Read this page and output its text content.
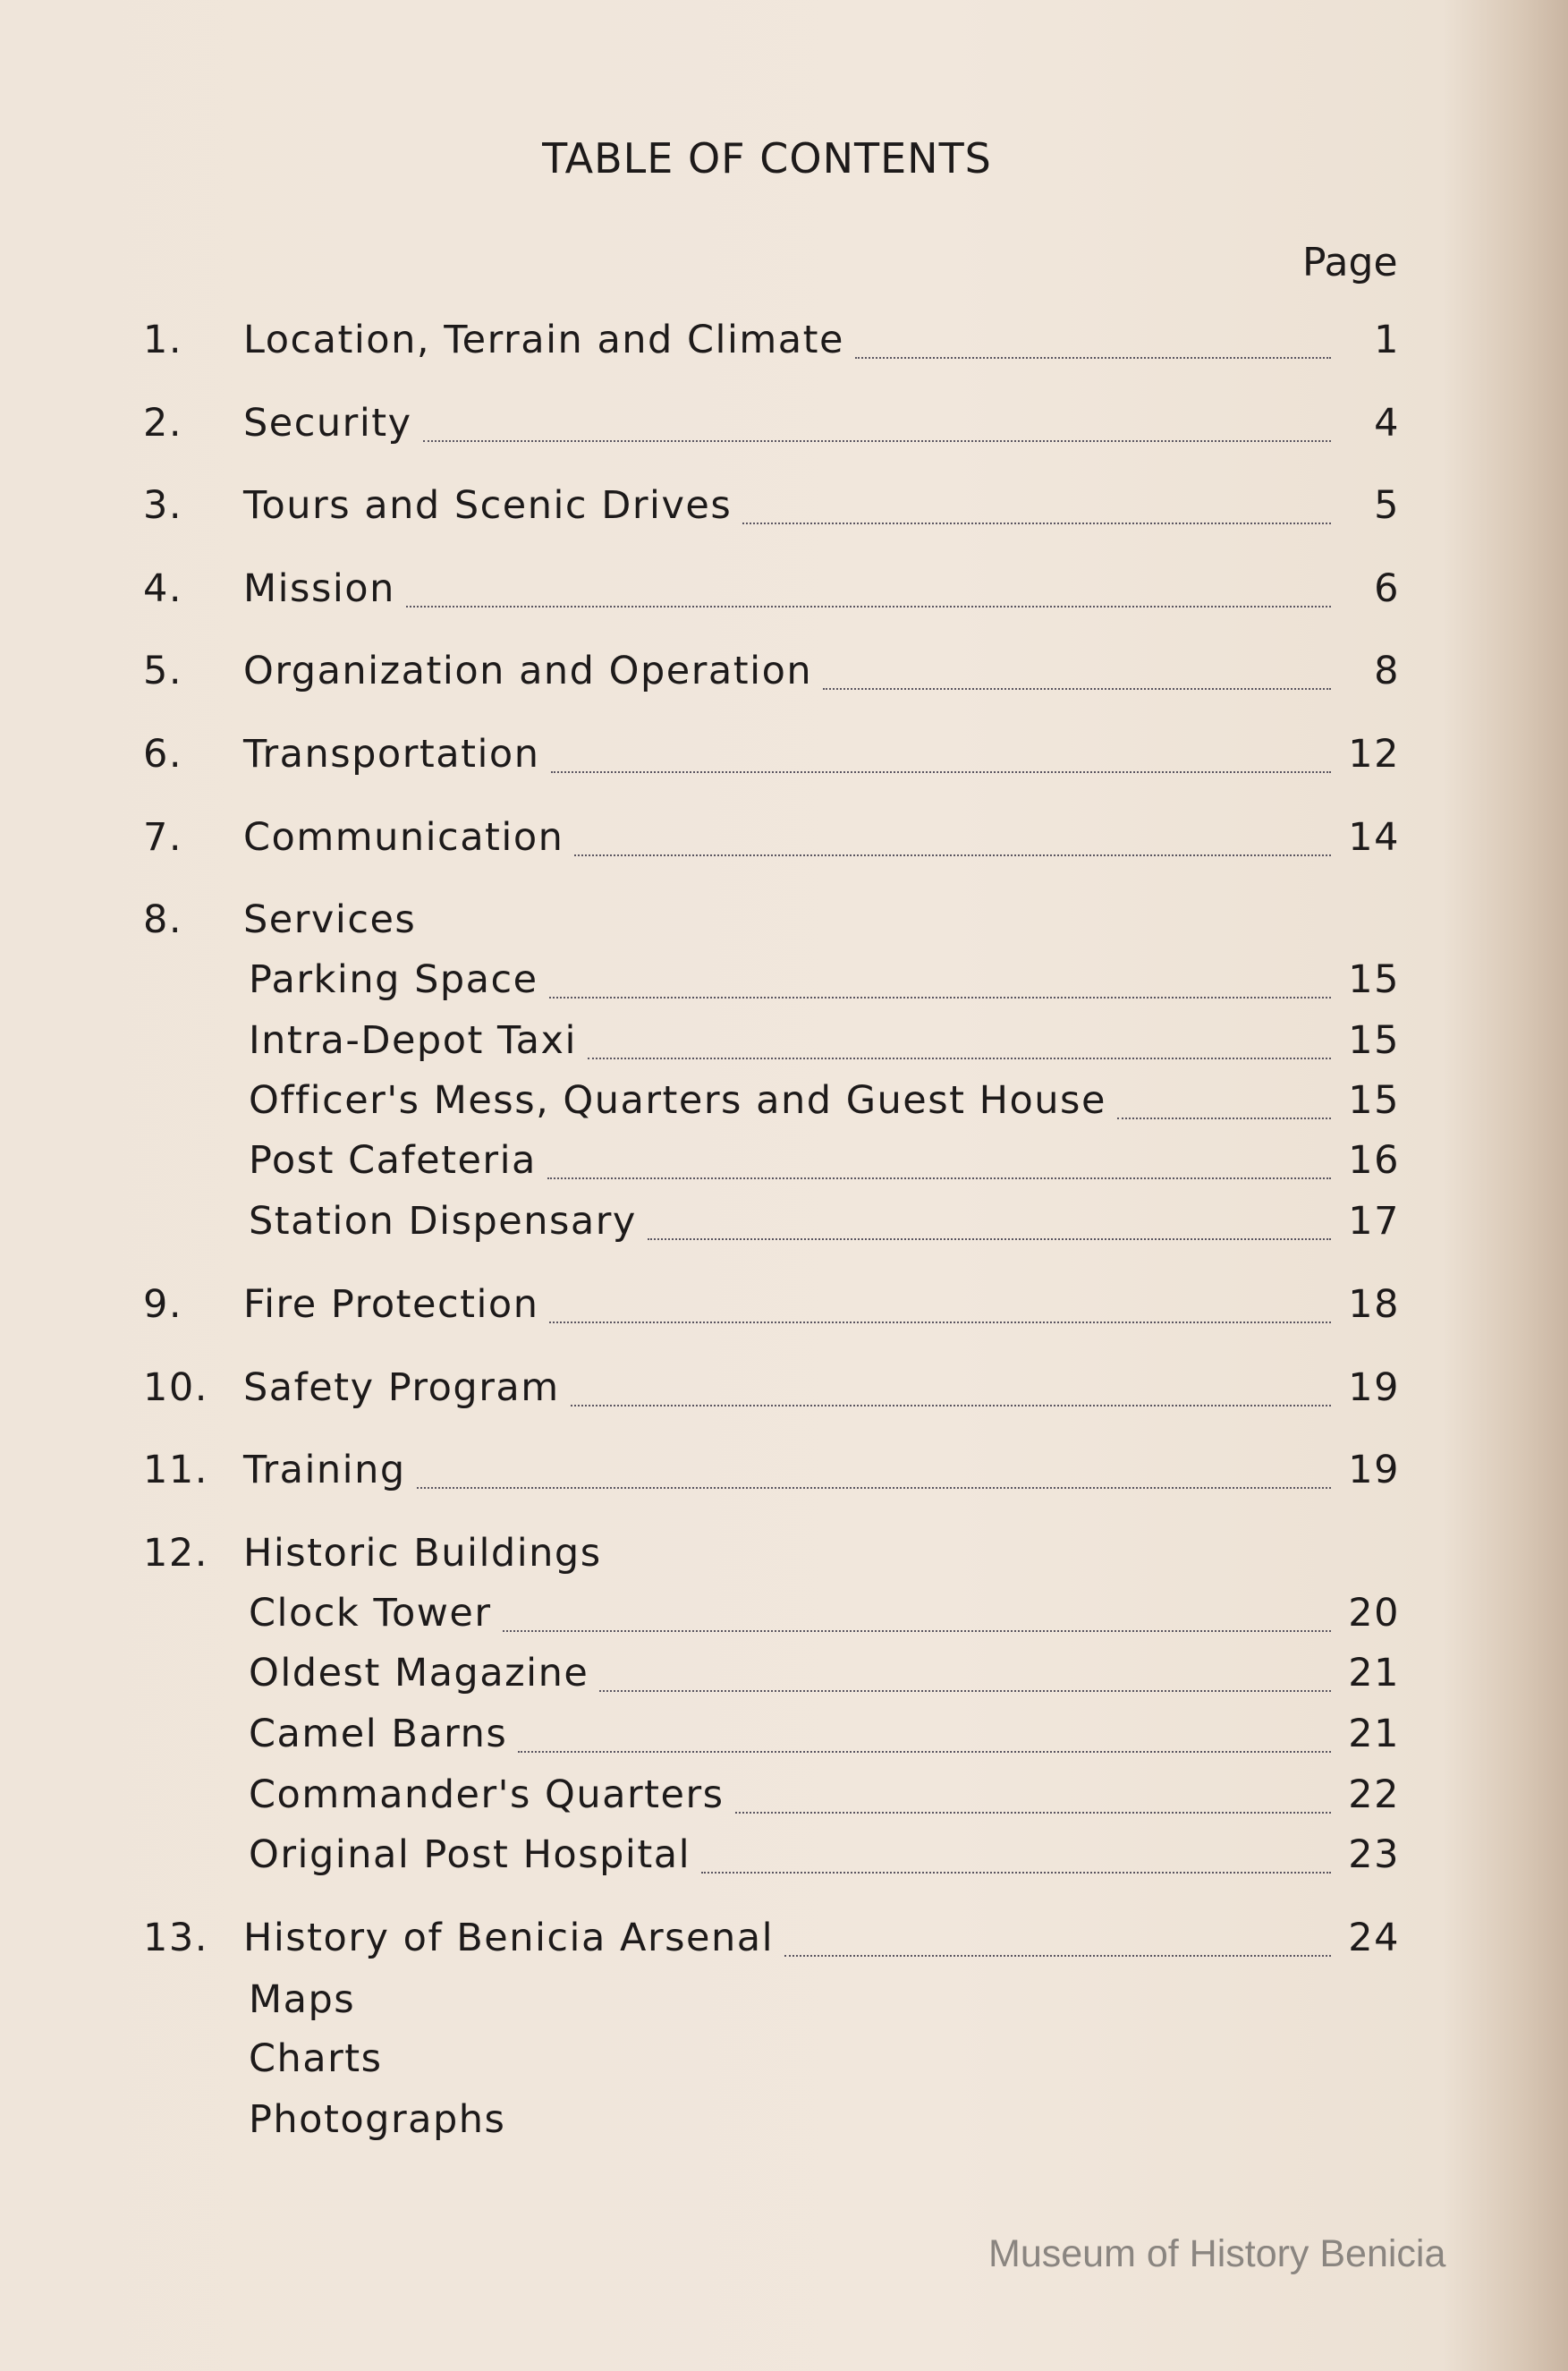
TABLE OF CONTENTS
Page
1.	Location, Terrain and Climate	1
2.	Security	4
3.	Tours and Scenic Drives	5
4.	Mission	6
5.	Organization and Operation	8
6.	Transportation	12
7.	Communication	14
8.	Services
Parking Space	15
Intra-Depot Taxi	15
Officer's Mess, Quarters and Guest House	15
Post Cafeteria	16
Station Dispensary	17
9.	Fire Protection	18
10. Safety Program	19
11. Training	19
12. Historic Buildings
Clock Tower	20
Oldest Magazine	21
Camel Barns	21
Commander's Quarters	22
Original Post Hospital	23
13. History of Benicia Arsenal	24
Maps
Charts
Photographs
Museum of History Benicia
